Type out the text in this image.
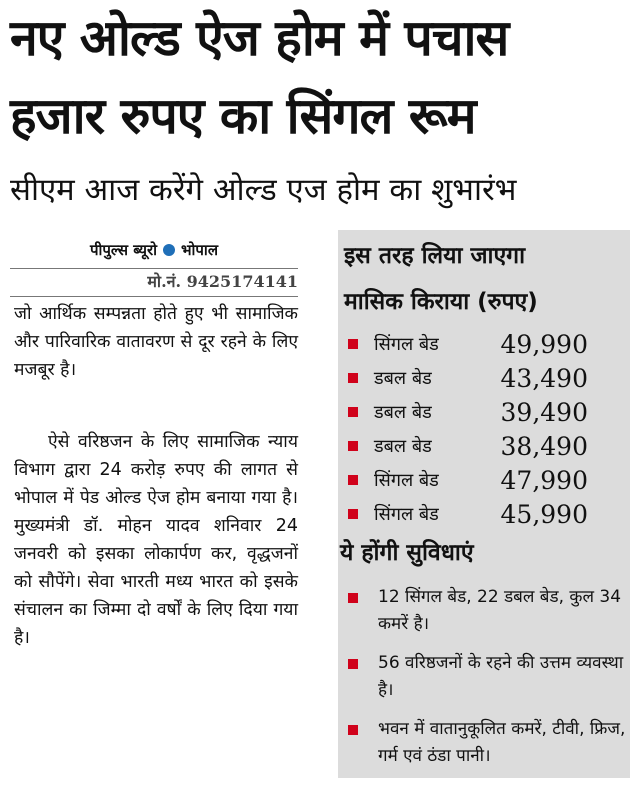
नए ओल्ड ऐज होम में पचास
हजार रुपए का सिंगल रूम
सीएम आज करेंगे ओल्ड एज होम का शुभारंभ
पीपुल्स ब्यूरो भोपाल
मो.नं. 9425174141
जो आर्थिक सम्पन्नता होते हुए भी सामाजिक और पारिवारिक वातावरण से दूर रहने के लिए मजबूर है।
ऐसे वरिष्ठजन के लिए सामाजिक न्याय विभाग द्वारा 24 करोड़ रुपए की लागत से भोपाल में पेड ओल्ड ऐज होम बनाया गया है। मुख्यमंत्री डॉ. मोहन यादव शनिवार 24 जनवरी को इसका लोकार्पण कर, वृद्धजनों को सौपेंगे। सेवा भारती मध्य भारत को इसके संचालन का जिम्मा दो वर्षों के लिए दिया गया है।
इस तरह लिया जाएगा
मासिक किराया (रुपए)
सिंगल बेड	49,990
डबल बेड	43,490
डबल बेड	39,490
डबल बेड	38,490
सिंगल बेड	47,990
सिंगल बेड	45,990
ये होंगी सुविधाएं
12 सिंगल बेड, 22 डबल बेड, कुल 34 कमरें है।
56 वरिष्ठजनों के रहने की उत्तम व्यवस्था है।
भवन में वातानुकूलित कमरें, टीवी, फ्रिज, गर्म एवं ठंडा पानी।
